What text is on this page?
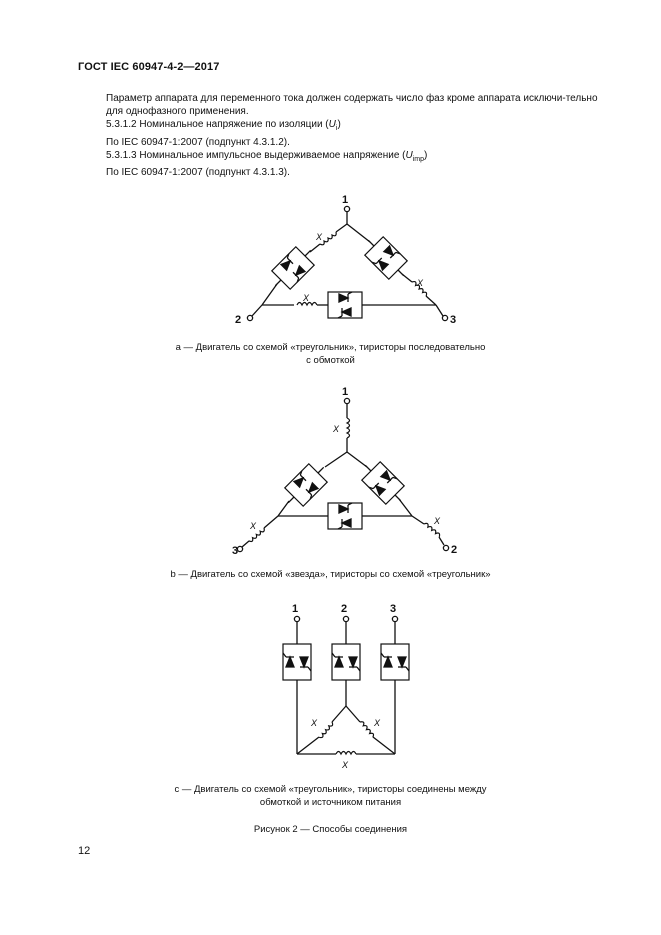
ГОСТ IEC 60947-4-2—2017

Параметр аппарата для переменного тока должен содержать число фаз кроме аппарата исключи-тельно для однофазного применения.

5.3.1.2 Номинальное напряжение по изоляции $(U_i)$

По IEC 60947-1:2007 (подпункт 4.3.1.2).

5.3.1.3 Номинальное импульсное выдерживаемое напряжение $(U_{imp})$

По IEC 60947-1:2007 (подпункт 4.3.1.3).

1
2	3
X
X
X
1
3	2
X
X	X
1	2	3
X	X
X
а — Двигатель со схемой «треугольник», тиристоры последовательно
с обмоткой
b — Двигатель со схемой «звезда», тиристоры со схемой «треугольник»
с — Двигатель со схемой «треугольник», тиристоры соединены между
обмоткой и источником питания
Рисунок 2 — Способы соединения
12
